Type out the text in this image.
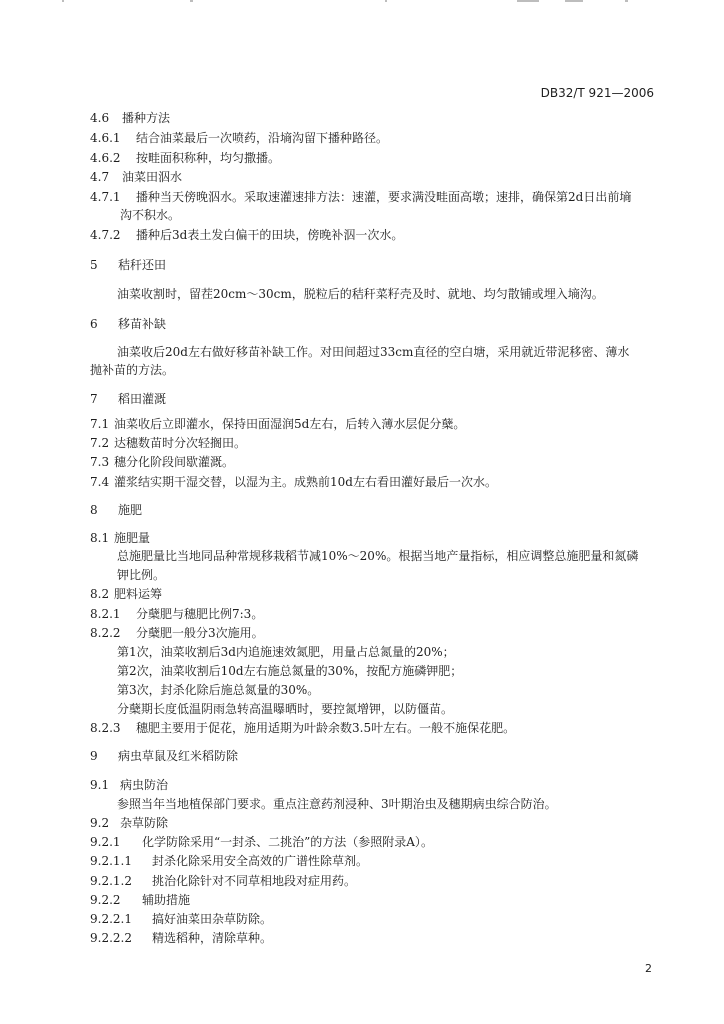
DB32/T 921—2006
4.6 播种方法
4.6.1 结合油菜最后一次喷药，沿墒沟留下播种路径。
4.6.2 按畦面积称种，均匀撒播。
4.7 油菜田泅水
4.7.1 播种当天傍晚泅水。采取速灌速排方法：速灌，要求满没畦面高墩；速排，确保第2d日出前墒
沟不积水。
4.7.2 播种后3d表土发白偏干的田块，傍晚补泅一次水。
5 秸秆还田
油菜收割时，留茬20cm～30cm，脱粒后的秸秆菜籽壳及时、就地、均匀散铺或埋入墒沟。
6 移苗补缺
油菜收后20d左右做好移苗补缺工作。对田间超过33cm直径的空白塘，采用就近带泥移密、薄水
抛补苗的方法。
7 稻田灌溉
7.1 油菜收后立即灌水，保持田面湿润5d左右，后转入薄水层促分蘖。
7.2 达穗数苗时分次轻搁田。
7.3 穗分化阶段间歇灌溉。
7.4 灌浆结实期干湿交替，以湿为主。成熟前10d左右看田灌好最后一次水。
8 施肥
8.1 施肥量
总施肥量比当地同品种常规移栽稻节减10%～20%。根据当地产量指标，相应调整总施肥量和氮磷
钾比例。
8.2 肥料运筹
8.2.1 分蘖肥与穗肥比例7:3。
8.2.2 分蘖肥一般分3次施用。
第1次，油菜收割后3d内追施速效氮肥，用量占总氮量的20%；
第2次，油菜收割后10d左右施总氮量的30%，按配方施磷钾肥；
第3次，封杀化除后施总氮量的30%。
分蘖期长度低温阴雨急转高温曝晒时，要控氮增钾，以防僵苗。
8.2.3 穗肥主要用于促花，施用适期为叶龄余数3.5叶左右。一般不施保花肥。
9 病虫草鼠及红米稻防除
9.1 病虫防治
参照当年当地植保部门要求。重点注意药剂浸种、3叶期治虫及穗期病虫综合防治。
9.2 杂草防除
9.2.1 化学防除采用“一封杀、二挑治”的方法（参照附录A）。
9.2.1.1 封杀化除采用安全高效的广谱性除草剂。
9.2.1.2 挑治化除针对不同草相地段对症用药。
9.2.2 辅助措施
9.2.2.1 搞好油菜田杂草防除。
9.2.2.2 精选稻种，清除草种。
2
